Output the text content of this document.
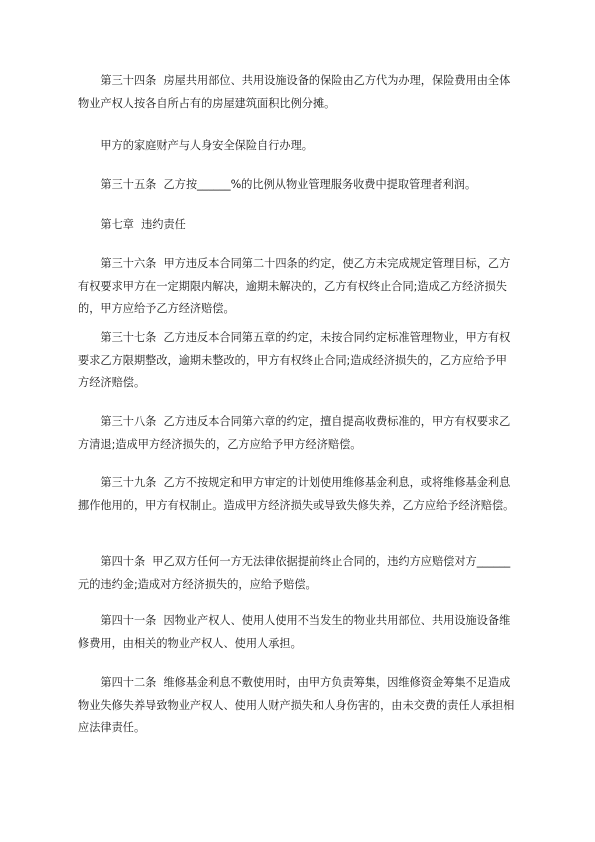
第三十四条  房屋共用部位、共用设施设备的保险由乙方代为办理，保险费用由全体物业产权人按各自所占有的房屋建筑面积比例分摊。

甲方的家庭财产与人身安全保险自行办理。

第三十五条  乙方按______%的比例从物业管理服务收费中提取管理者利润。

第七章  违约责任

第三十六条  甲方违反本合同第二十四条的约定，使乙方未完成规定管理目标，乙方有权要求甲方在一定期限内解决，逾期未解决的，乙方有权终止合同;造成乙方经济损失的，甲方应给予乙方经济赔偿。

第三十七条  乙方违反本合同第五章的约定，未按合同约定标准管理物业，甲方有权要求乙方限期整改，逾期未整改的，甲方有权终止合同;造成经济损失的，乙方应给予甲方经济赔偿。

第三十八条  乙方违反本合同第六章的约定，擅自提高收费标准的，甲方有权要求乙方清退;造成甲方经济损失的，乙方应给予甲方经济赔偿。

第三十九条  乙方不按规定和甲方审定的计划使用维修基金利息，或将维修基金利息挪作他用的，甲方有权制止。造成甲方经济损失或导致失修失养，乙方应给予经济赔偿。

第四十条  甲乙双方任何一方无法律依据提前终止合同的，违约方应赔偿对方______元的违约金;造成对方经济损失的，应给予赔偿。

第四十一条  因物业产权人、使用人使用不当发生的物业共用部位、共用设施设备维修费用，由相关的物业产权人、使用人承担。

第四十二条  维修基金利息不敷使用时，由甲方负责筹集，因维修资金筹集不足造成物业失修失养导致物业产权人、使用人财产损失和人身伤害的，由未交费的责任人承担相应法律责任。
